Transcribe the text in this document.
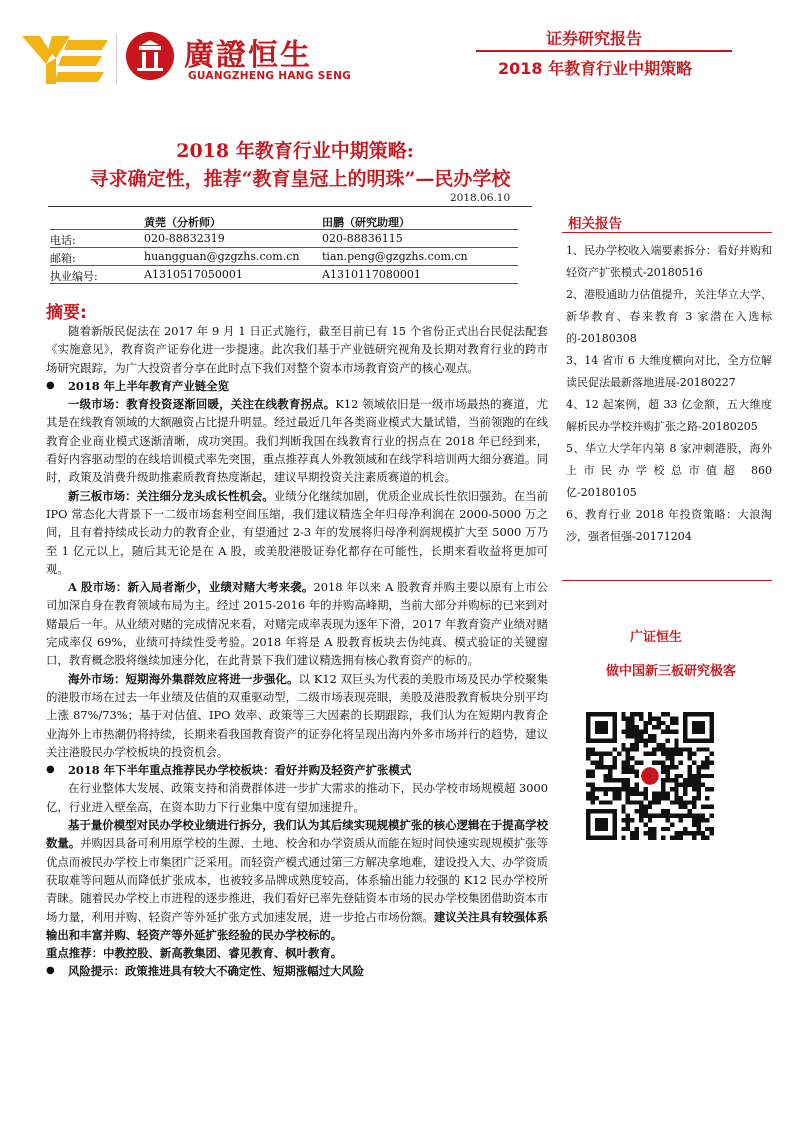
廣證恒生
GUANGZHENG HANG SENG
证券研究报告
2018 年教育行业中期策略
2018 年教育行业中期策略:
寻求确定性，推荐“教育皇冠上的明珠”—民办学校
2018.06.10
黄莞（分析师）	田鹏（研究助理）
电话:	020-88832319	020-88836115
邮箱:	huangguan@gzgzhs.com.cn tian.peng@gzgzhs.com.cn
执业编号:	A1310517050001	A1310117080001
摘要:

随着新版民促法在 2017 年 9 月 1 日正式施行，截至目前已有 15 个省份正式出台民促法配套《实施意见》，教育资产证券化进一步提速。此次我们基于产业链研究视角及长期对教育行业的跨市场研究跟踪，为广大投资者分享在此时点下我们对整个资本市场教育资产的核心观点。

● 2018 年上半年教育产业链全览

一级市场：教育投资逐渐回暖，关注在线教育拐点。K12 领域依旧是一级市场最热的赛道，尤其是在线教育领域的大额融资占比提升明显。经过最近几年各类商业模式大量试错，当前领跑的在线教育企业商业模式逐渐清晰，成功突围。我们判断我国在线教育行业的拐点在 2018 年已经到来，看好内容驱动型的在线培训模式率先突围，重点推荐真人外教领域和在线学科培训两大细分赛道。同时，政策及消费升级助推素质教育热度渐起，建议早期投资关注素质赛道的机会。

新三板市场：关注细分龙头成长性机会。业绩分化继续加剧，优质企业成长性依旧强劲。在当前 IPO 常态化大背景下一二级市场套利空间压缩，我们建议精选全年归母净利润在 2000-5000 万之间，且有着持续成长动力的教育企业，有望通过 2-3 年的发展将归母净利润规模扩大至 5000 万乃至 1 亿元以上，随后其无论是在 A 股，或美股港股证券化都存在可能性，长期来看收益将更加可观。

A 股市场：新入局者渐少，业绩对赌大考来袭。2018 年以来 A 股教育并购主要以原有上市公司加深自身在教育领域布局为主。经过 2015-2016 年的并购高峰期，当前大部分并购标的已来到对赌最后一年。从业绩对赌的完成情况来看，对赌完成率表现为逐年下滑，2017 年教育资产业绩对赌完成率仅 69%，业绩可持续性受考验。2018 年将是 A 股教育板块去伪纯真、模式验证的关键窗口，教育概念股将继续加速分化，在此背景下我们建议精选拥有核心教育资产的标的。

海外市场：短期海外集群效应将进一步强化。以 K12 双巨头为代表的美股市场及民办学校聚集的港股市场在过去一年业绩及估值的双重驱动型，二级市场表现亮眼，美股及港股教育板块分别平均上涨 87%/73%；基于对估值、IPO 效率、政策等三大因素的长期跟踪，我们认为在短期内教育企业海外上市热潮仍将持续，长期来看我国教育资产的证券化将呈现出海内外多市场并行的趋势，建议关注港股民办学校板块的投资机会。

● 2018 年下半年重点推荐民办学校板块：看好并购及轻资产扩张模式

在行业整体大发展、政策支持和消费群体进一步扩大需求的推动下，民办学校市场规模超 3000 亿，行业进入壁垒高，在资本助力下行业集中度有望加速提升。

基于量价模型对民办学校业绩进行拆分，我们认为其后续实现规模扩张的核心逻辑在于提高学校数量。并购因具备可利用原学校的生源、土地、校舍和办学资质从而能在短时间快速实现规模扩张等优点而被民办学校上市集团广泛采用。而轻资产模式通过第三方解决拿地难，建设投入大、办学资质获取难等问题从而降低扩张成本，也被较多品牌成熟度较高，体系输出能力较强的 K12 民办学校所青睐。随着民办学校上市进程的逐步推进，我们看好已率先登陆资本市场的民办学校集团借助资本市场力量，利用并购、轻资产等外延扩张方式加速发展，进一步抢占市场份额。建议关注具有较强体系输出和丰富并购、轻资产等外延扩张经验的民办学校标的。

重点推荐：中教控股、新高教集团、睿见教育、枫叶教育。

● 风险提示：政策推进具有较大不确定性、短期涨幅过大风险

相关报告

1、民办学校收入端要素拆分：看好并购和轻资产扩张模式-20180516

2、港股通助力估值提升，关注华立大学、新华教育、春来教育 3 家潜在入选标的-20180308

3、14 省市 6 大维度横向对比，全方位解读民促法最新落地进展-20180227

4、12 起案例，超 33 亿金额，五大维度解析民办学校并购扩张之路-20180205

5、华立大学年内第 8 家冲刺港股，海外上市民办学校总市值超 860 亿-20180105

6、教育行业 2018 年投资策略：大浪淘沙，强者恒强-20171204

广证恒生
做中国新三板研究极客
